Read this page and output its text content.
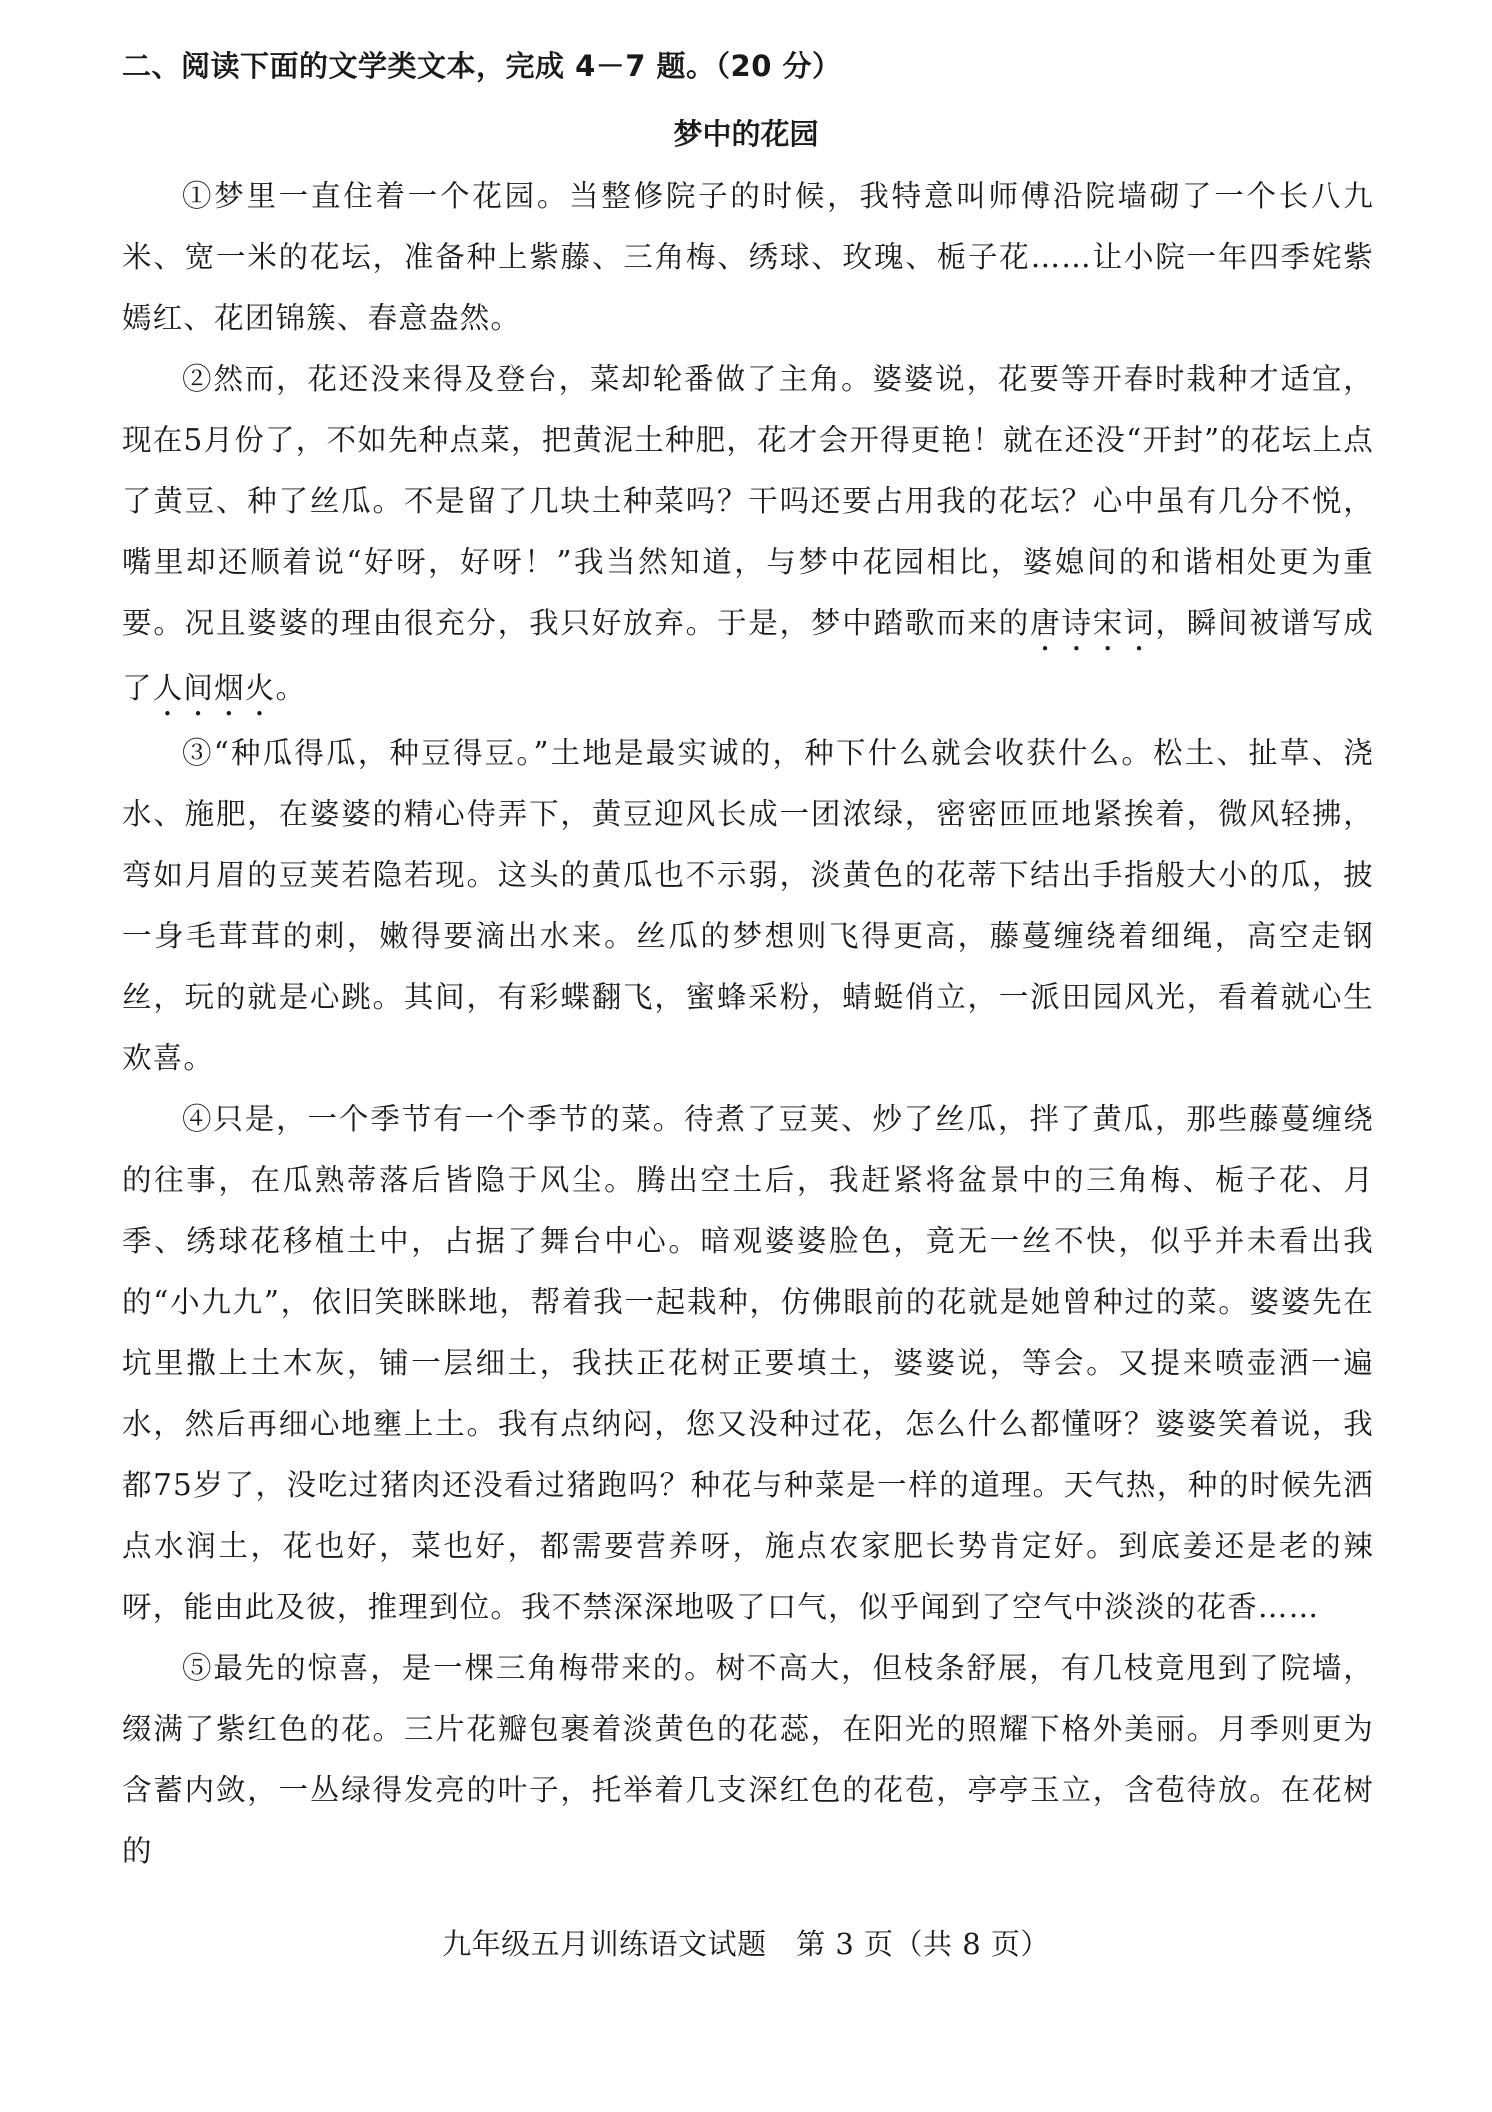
二、阅读下面的文学类文本，完成 4－7 题。（20 分）
梦中的花园

①梦里一直住着一个花园。当整修院子的时候，我特意叫师傅沿院墙砌了一个长八九米、宽一米的花坛，准备种上紫藤、三角梅、绣球、玫瑰、栀子花……让小院一年四季姹紫嫣红、花团锦簇、春意盎然。

②然而，花还没来得及登台，菜却轮番做了主角。婆婆说，花要等开春时栽种才适宜，现在5月份了，不如先种点菜，把黄泥土种肥，花才会开得更艳！就在还没“开封”的花坛上点了黄豆、种了丝瓜。不是留了几块土种菜吗？干吗还要占用我的花坛？心中虽有几分不悦，嘴里却还顺着说“好呀，好呀！”我当然知道，与梦中花园相比，婆媳间的和谐相处更为重要。况且婆婆的理由很充分，我只好放弃。于是，梦中踏歌而来的唐诗宋词，瞬间被谱写成了人间烟火。

③“种瓜得瓜，种豆得豆。”土地是最实诚的，种下什么就会收获什么。松土、扯草、浇水、施肥，在婆婆的精心侍弄下，黄豆迎风长成一团浓绿，密密匝匝地紧挨着，微风轻拂，弯如月眉的豆荚若隐若现。这头的黄瓜也不示弱，淡黄色的花蒂下结出手指般大小的瓜，披一身毛茸茸的刺，嫩得要滴出水来。丝瓜的梦想则飞得更高，藤蔓缠绕着细绳，高空走钢丝，玩的就是心跳。其间，有彩蝶翻飞，蜜蜂采粉，蜻蜓俏立，一派田园风光，看着就心生欢喜。

④只是，一个季节有一个季节的菜。待煮了豆荚、炒了丝瓜，拌了黄瓜，那些藤蔓缠绕的往事，在瓜熟蒂落后皆隐于风尘。腾出空土后，我赶紧将盆景中的三角梅、栀子花、月季、绣球花移植土中，占据了舞台中心。暗观婆婆脸色，竟无一丝不快，似乎并未看出我的“小九九”，依旧笑眯眯地，帮着我一起栽种，仿佛眼前的花就是她曾种过的菜。婆婆先在坑里撒上土木灰，铺一层细土，我扶正花树正要填土，婆婆说，等会。又提来喷壶洒一遍水，然后再细心地壅上土。我有点纳闷，您又没种过花，怎么什么都懂呀？婆婆笑着说，我都75岁了，没吃过猪肉还没看过猪跑吗？种花与种菜是一样的道理。天气热，种的时候先洒点水润土，花也好，菜也好，都需要营养呀，施点农家肥长势肯定好。到底姜还是老的辣呀，能由此及彼，推理到位。我不禁深深地吸了口气，似乎闻到了空气中淡淡的花香……

⑤最先的惊喜，是一棵三角梅带来的。树不高大，但枝条舒展，有几枝竟甩到了院墙，缀满了紫红色的花。三片花瓣包裹着淡黄色的花蕊，在阳光的照耀下格外美丽。月季则更为含蓄内敛，一丛绿得发亮的叶子，托举着几支深红色的花苞，亭亭玉立，含苞待放。在花树的

九年级五月训练语文试题　第 3 页（共 8 页）
